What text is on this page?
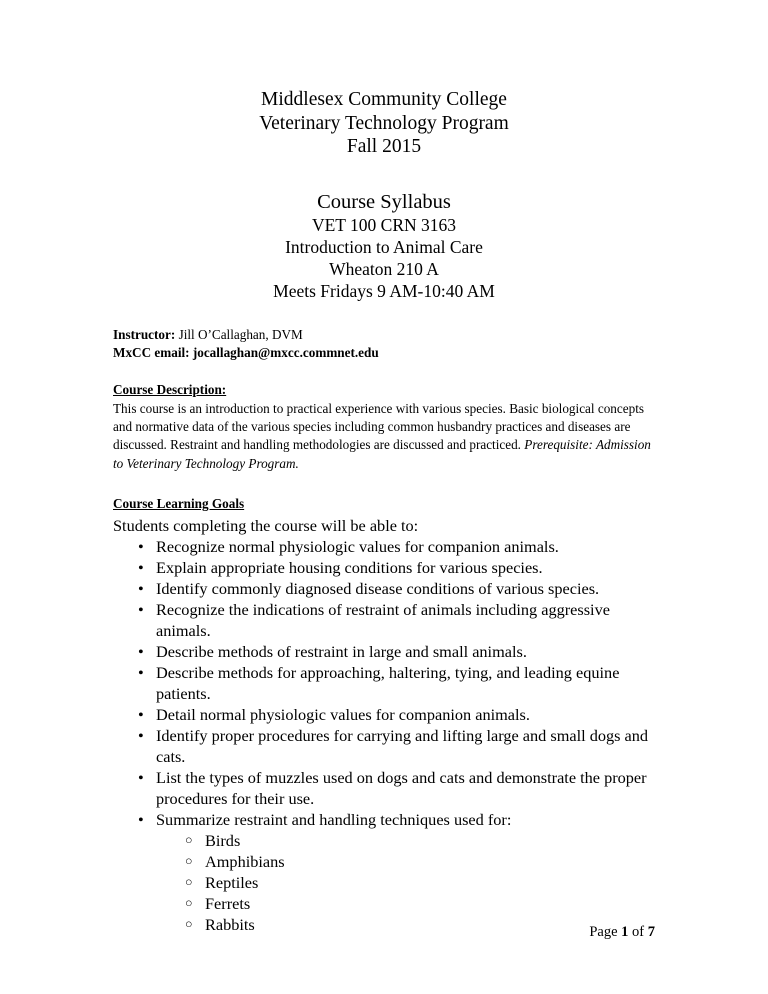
Middlesex Community College
Veterinary Technology Program
Fall 2015
Course Syllabus
VET 100 CRN 3163
Introduction to Animal Care
Wheaton 210 A
Meets Fridays 9 AM-10:40 AM
Instructor: Jill O’Callaghan, DVM
MxCC email: jocallaghan@mxcc.commnet.edu
Course Description:
This course is an introduction to practical experience with various species. Basic biological concepts and normative data of the various species including common husbandry practices and diseases are discussed. Restraint and handling methodologies are discussed and practiced. Prerequisite: Admission to Veterinary Technology Program.
Course Learning Goals
Students completing the course will be able to:
• Recognize normal physiologic values for companion animals.
• Explain appropriate housing conditions for various species.
• Identify commonly diagnosed disease conditions of various species.
• Recognize the indications of restraint of animals including aggressive animals.
• Describe methods of restraint in large and small animals.
• Describe methods for approaching, haltering, tying, and leading equine patients.
• Detail normal physiologic values for companion animals.
• Identify proper procedures for carrying and lifting large and small dogs and cats.
• List the types of muzzles used on dogs and cats and demonstrate the proper procedures for their use.
• Summarize restraint and handling techniques used for:
○ Birds
○ Amphibians
○ Reptiles
○ Ferrets
○ Rabbits	Page 1 of 7
